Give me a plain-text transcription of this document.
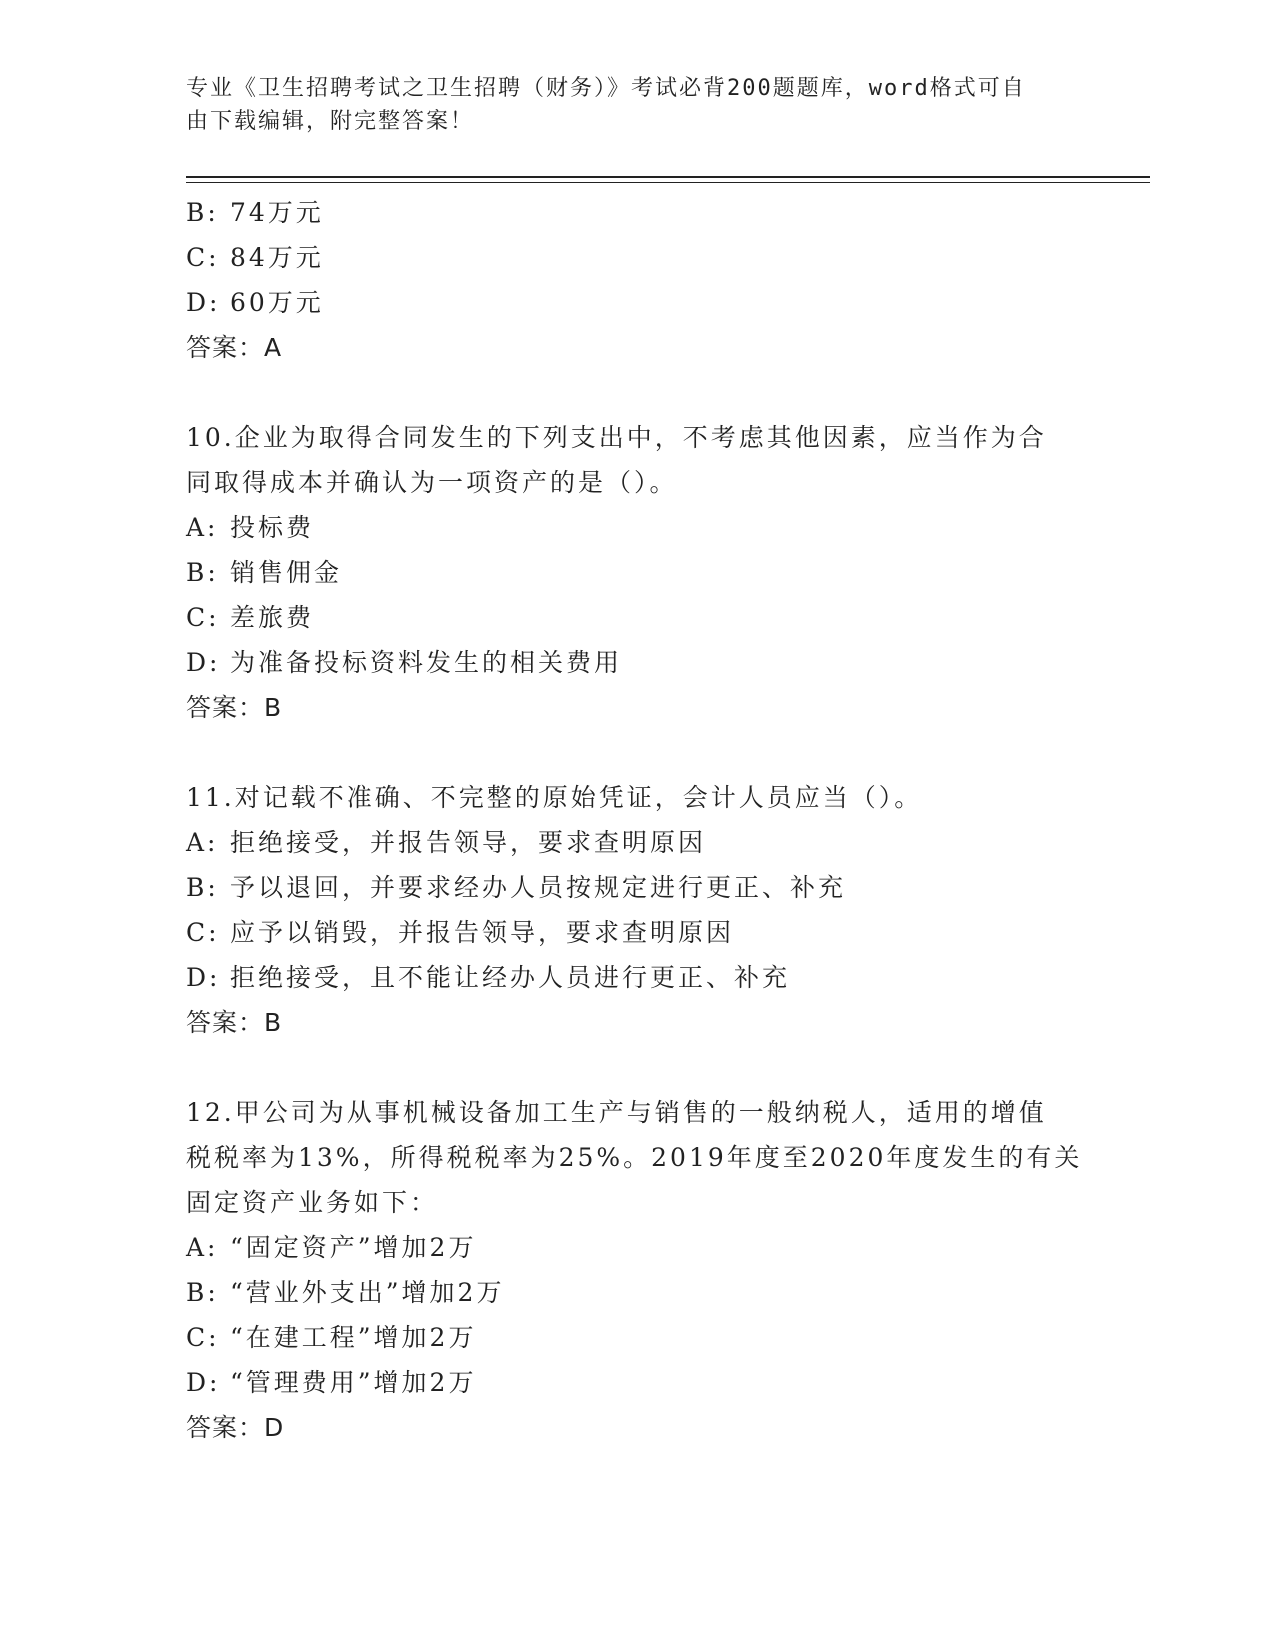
专业《卫生招聘考试之卫生招聘（财务）》考试必背200题题库，word格式可自
由下载编辑，附完整答案！
B: 74万元
C: 84万元
D: 60万元
答案：A
10.企业为取得合同发生的下列支出中，不考虑其他因素，应当作为合
同取得成本并确认为一项资产的是（）。
A: 投标费
B: 销售佣金
C: 差旅费
D: 为准备投标资料发生的相关费用
答案：B
11.对记载不准确、不完整的原始凭证，会计人员应当（）。
A: 拒绝接受，并报告领导，要求查明原因
B: 予以退回，并要求经办人员按规定进行更正、补充
C: 应予以销毁，并报告领导，要求查明原因
D: 拒绝接受，且不能让经办人员进行更正、补充
答案：B
12.甲公司为从事机械设备加工生产与销售的一般纳税人，适用的增值
税税率为13%，所得税税率为25%。2019年度至2020年度发生的有关
固定资产业务如下：
A: “固定资产”增加2万
B: “营业外支出”增加2万
C: “在建工程”增加2万
D: “管理费用”增加2万
答案：D
